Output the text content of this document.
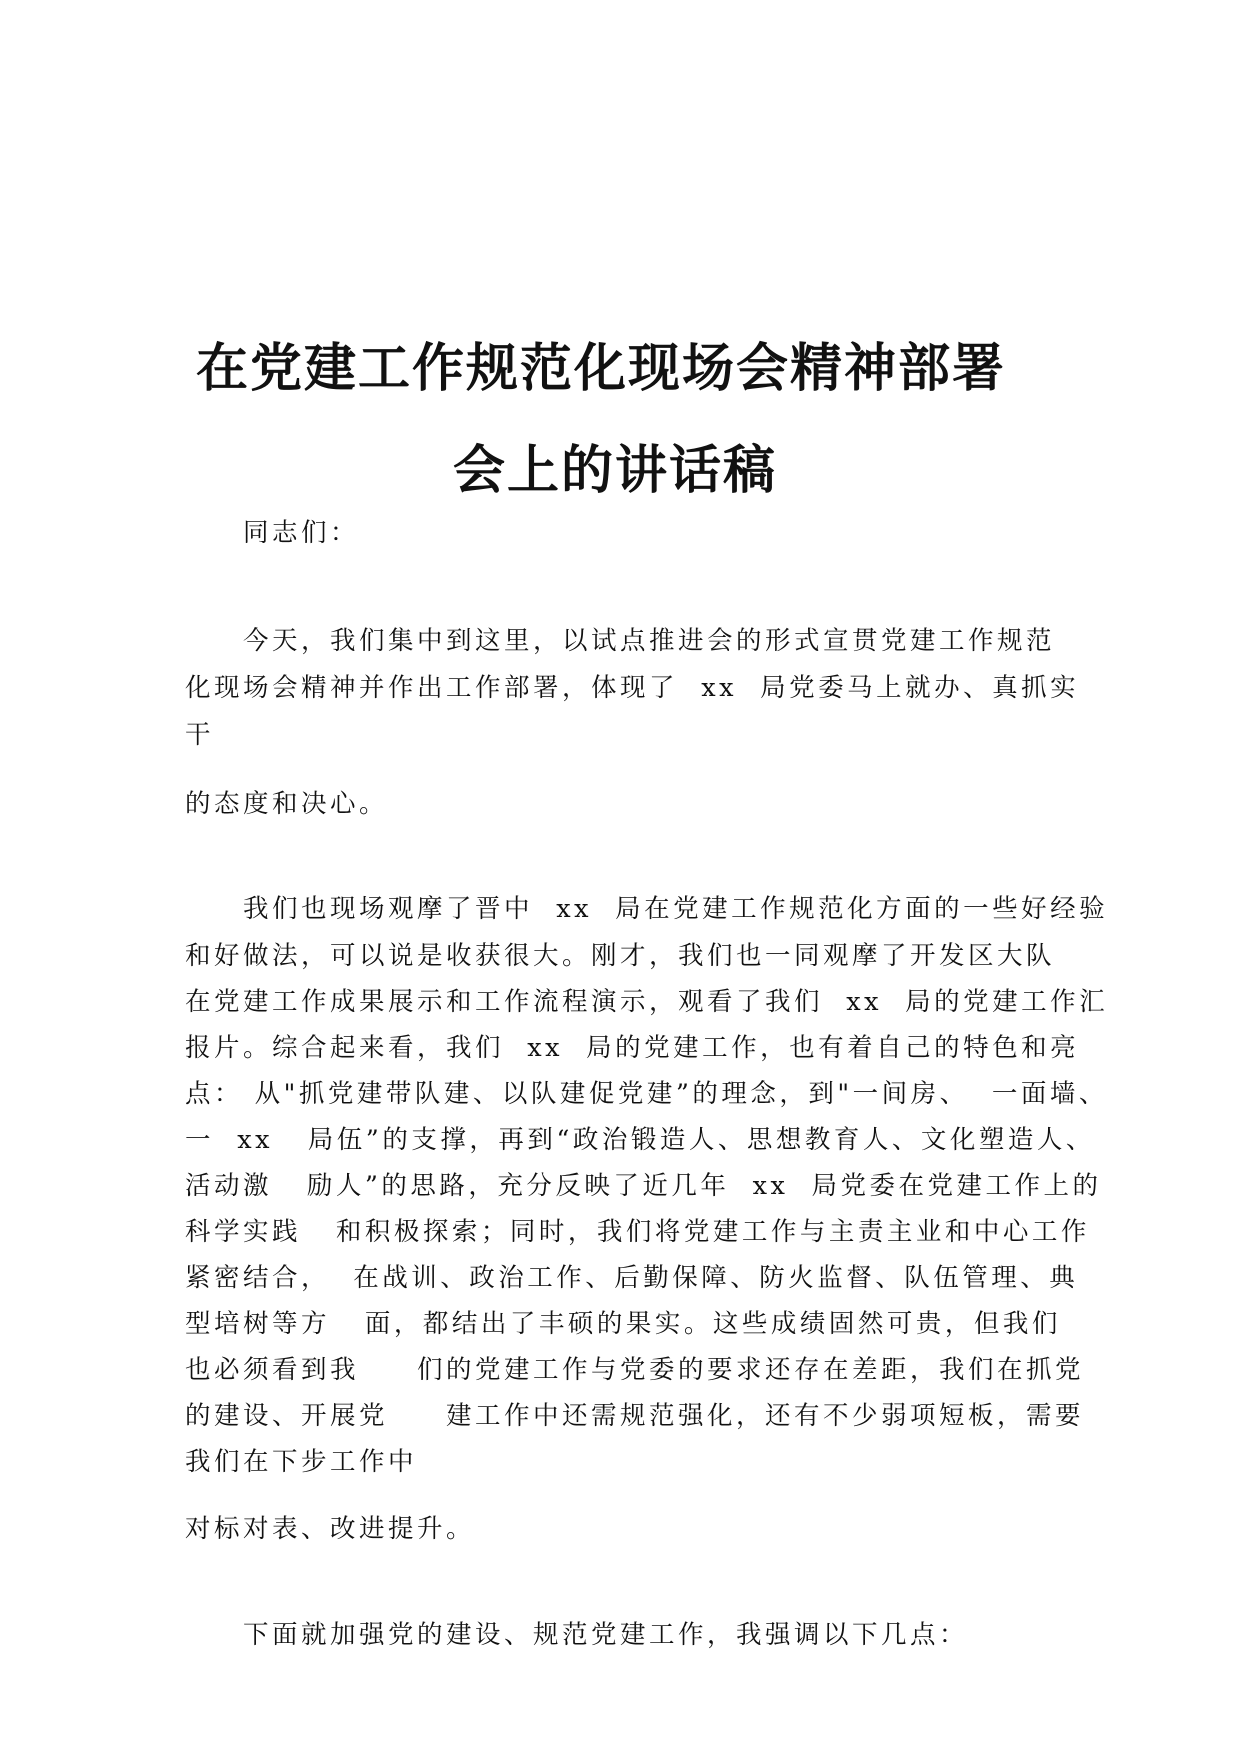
在党建工作规范化现场会精神部署
会上的讲话稿

同志们：

今天，我们集中到这里，以试点推进会的形式宣贯党建工作规范

化现场会精神并作出工作部署，体现了  xx  局党委马上就办、真抓实

干

的态度和决心。

我们也现场观摩了晋中  xx  局在党建工作规范化方面的一些好经验

和好做法，可以说是收获很大。刚才，我们也一同观摩了开发区大队

在党建工作成果展示和工作流程演示，观看了我们  xx  局的党建工作汇

报片。综合起来看，我们  xx  局的党建工作，也有着自己的特色和亮

点： 从"抓党建带队建、以队建促党建”的理念，到"一间房、  一面墙、

一  xx   局伍”的支撑，再到“政治锻造人、思想教育人、文化塑造人、

活动激   励人”的思路，充分反映了近几年  xx  局党委在党建工作上的

科学实践   和积极探索；同时，我们将党建工作与主责主业和中心工作

紧密结合，  在战训、政治工作、后勤保障、防火监督、队伍管理、典

型培树等方   面，都结出了丰硕的果实。这些成绩固然可贵，但我们

也必须看到我     们的党建工作与党委的要求还存在差距，我们在抓党

的建设、开展党     建工作中还需规范强化，还有不少弱项短板，需要

我们在下步工作中

对标对表、改进提升。

下面就加强党的建设、规范党建工作，我强调以下几点：
